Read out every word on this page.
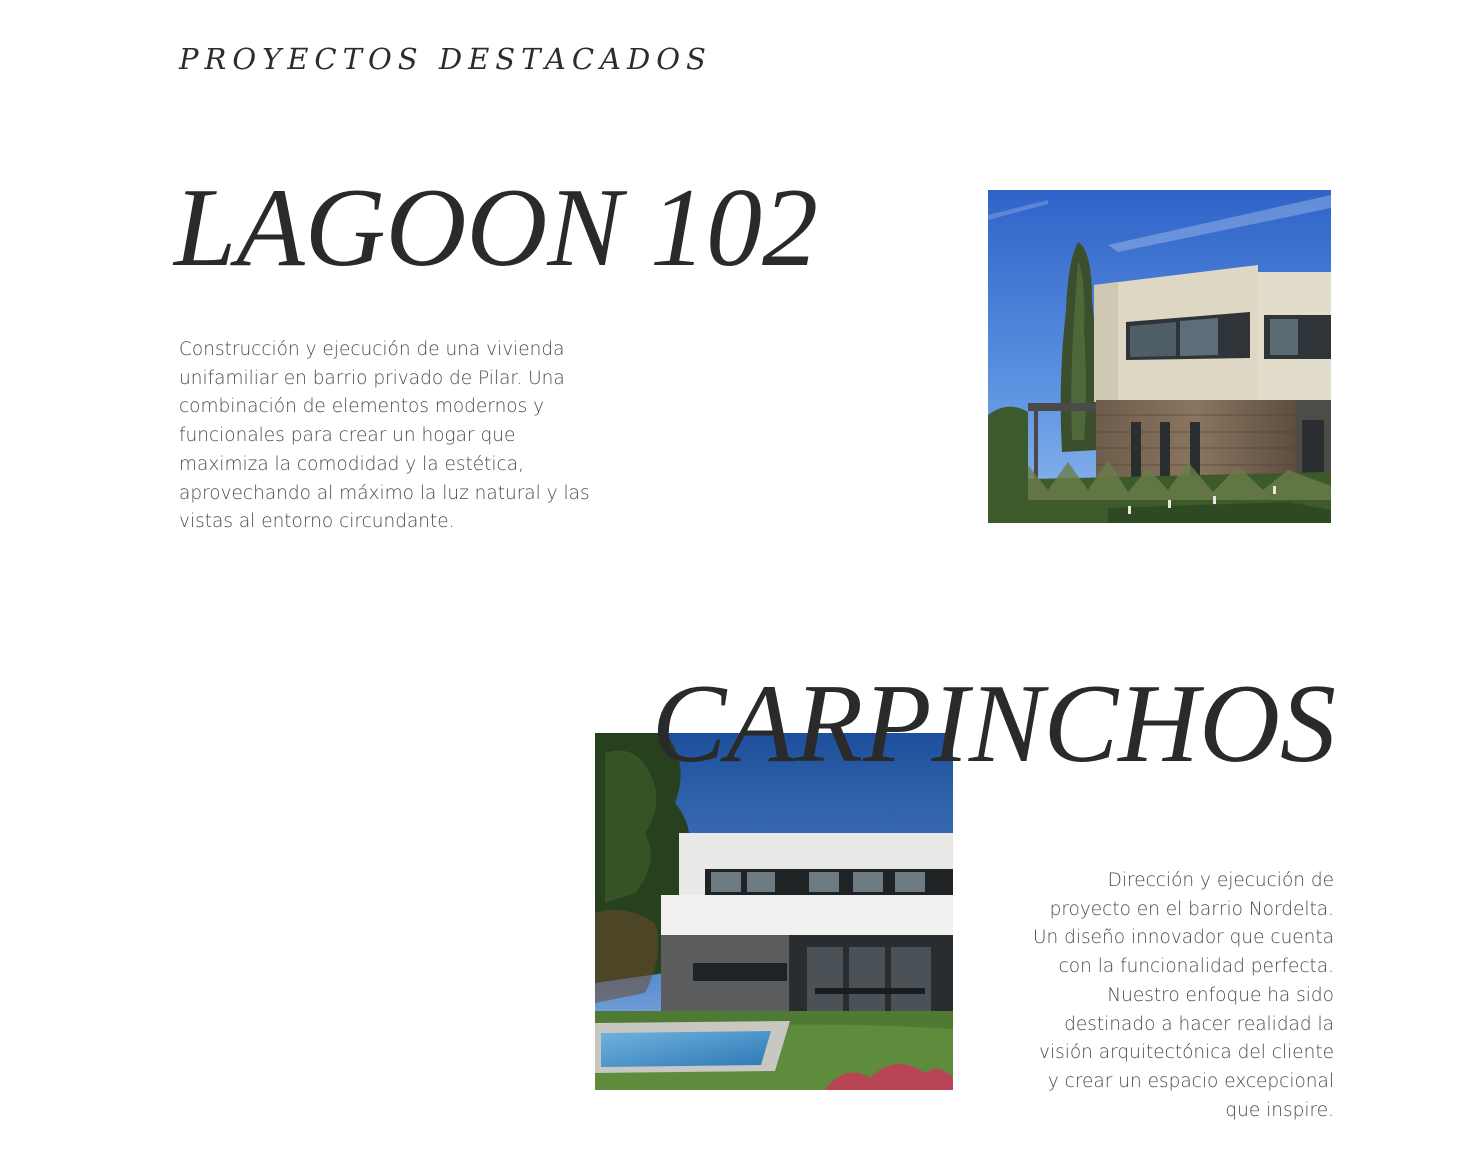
PROYECTOS DESTACADOS
LAGOON 102

Construcción y ejecución de una vivienda unifamiliar en barrio privado de Pilar. Una combinación de elementos modernos y funcionales para crear un hogar que maximiza la comodidad y la estética, aprovechando al máximo la luz natural y las vistas al entorno circundante.

CARPINCHOS

Dirección y ejecución de proyecto en el barrio Nordelta. Un diseño innovador que cuenta con la funcionalidad perfecta. Nuestro enfoque ha sido destinado a hacer realidad la visión arquitectónica del cliente y crear un espacio excepcional que inspire.
